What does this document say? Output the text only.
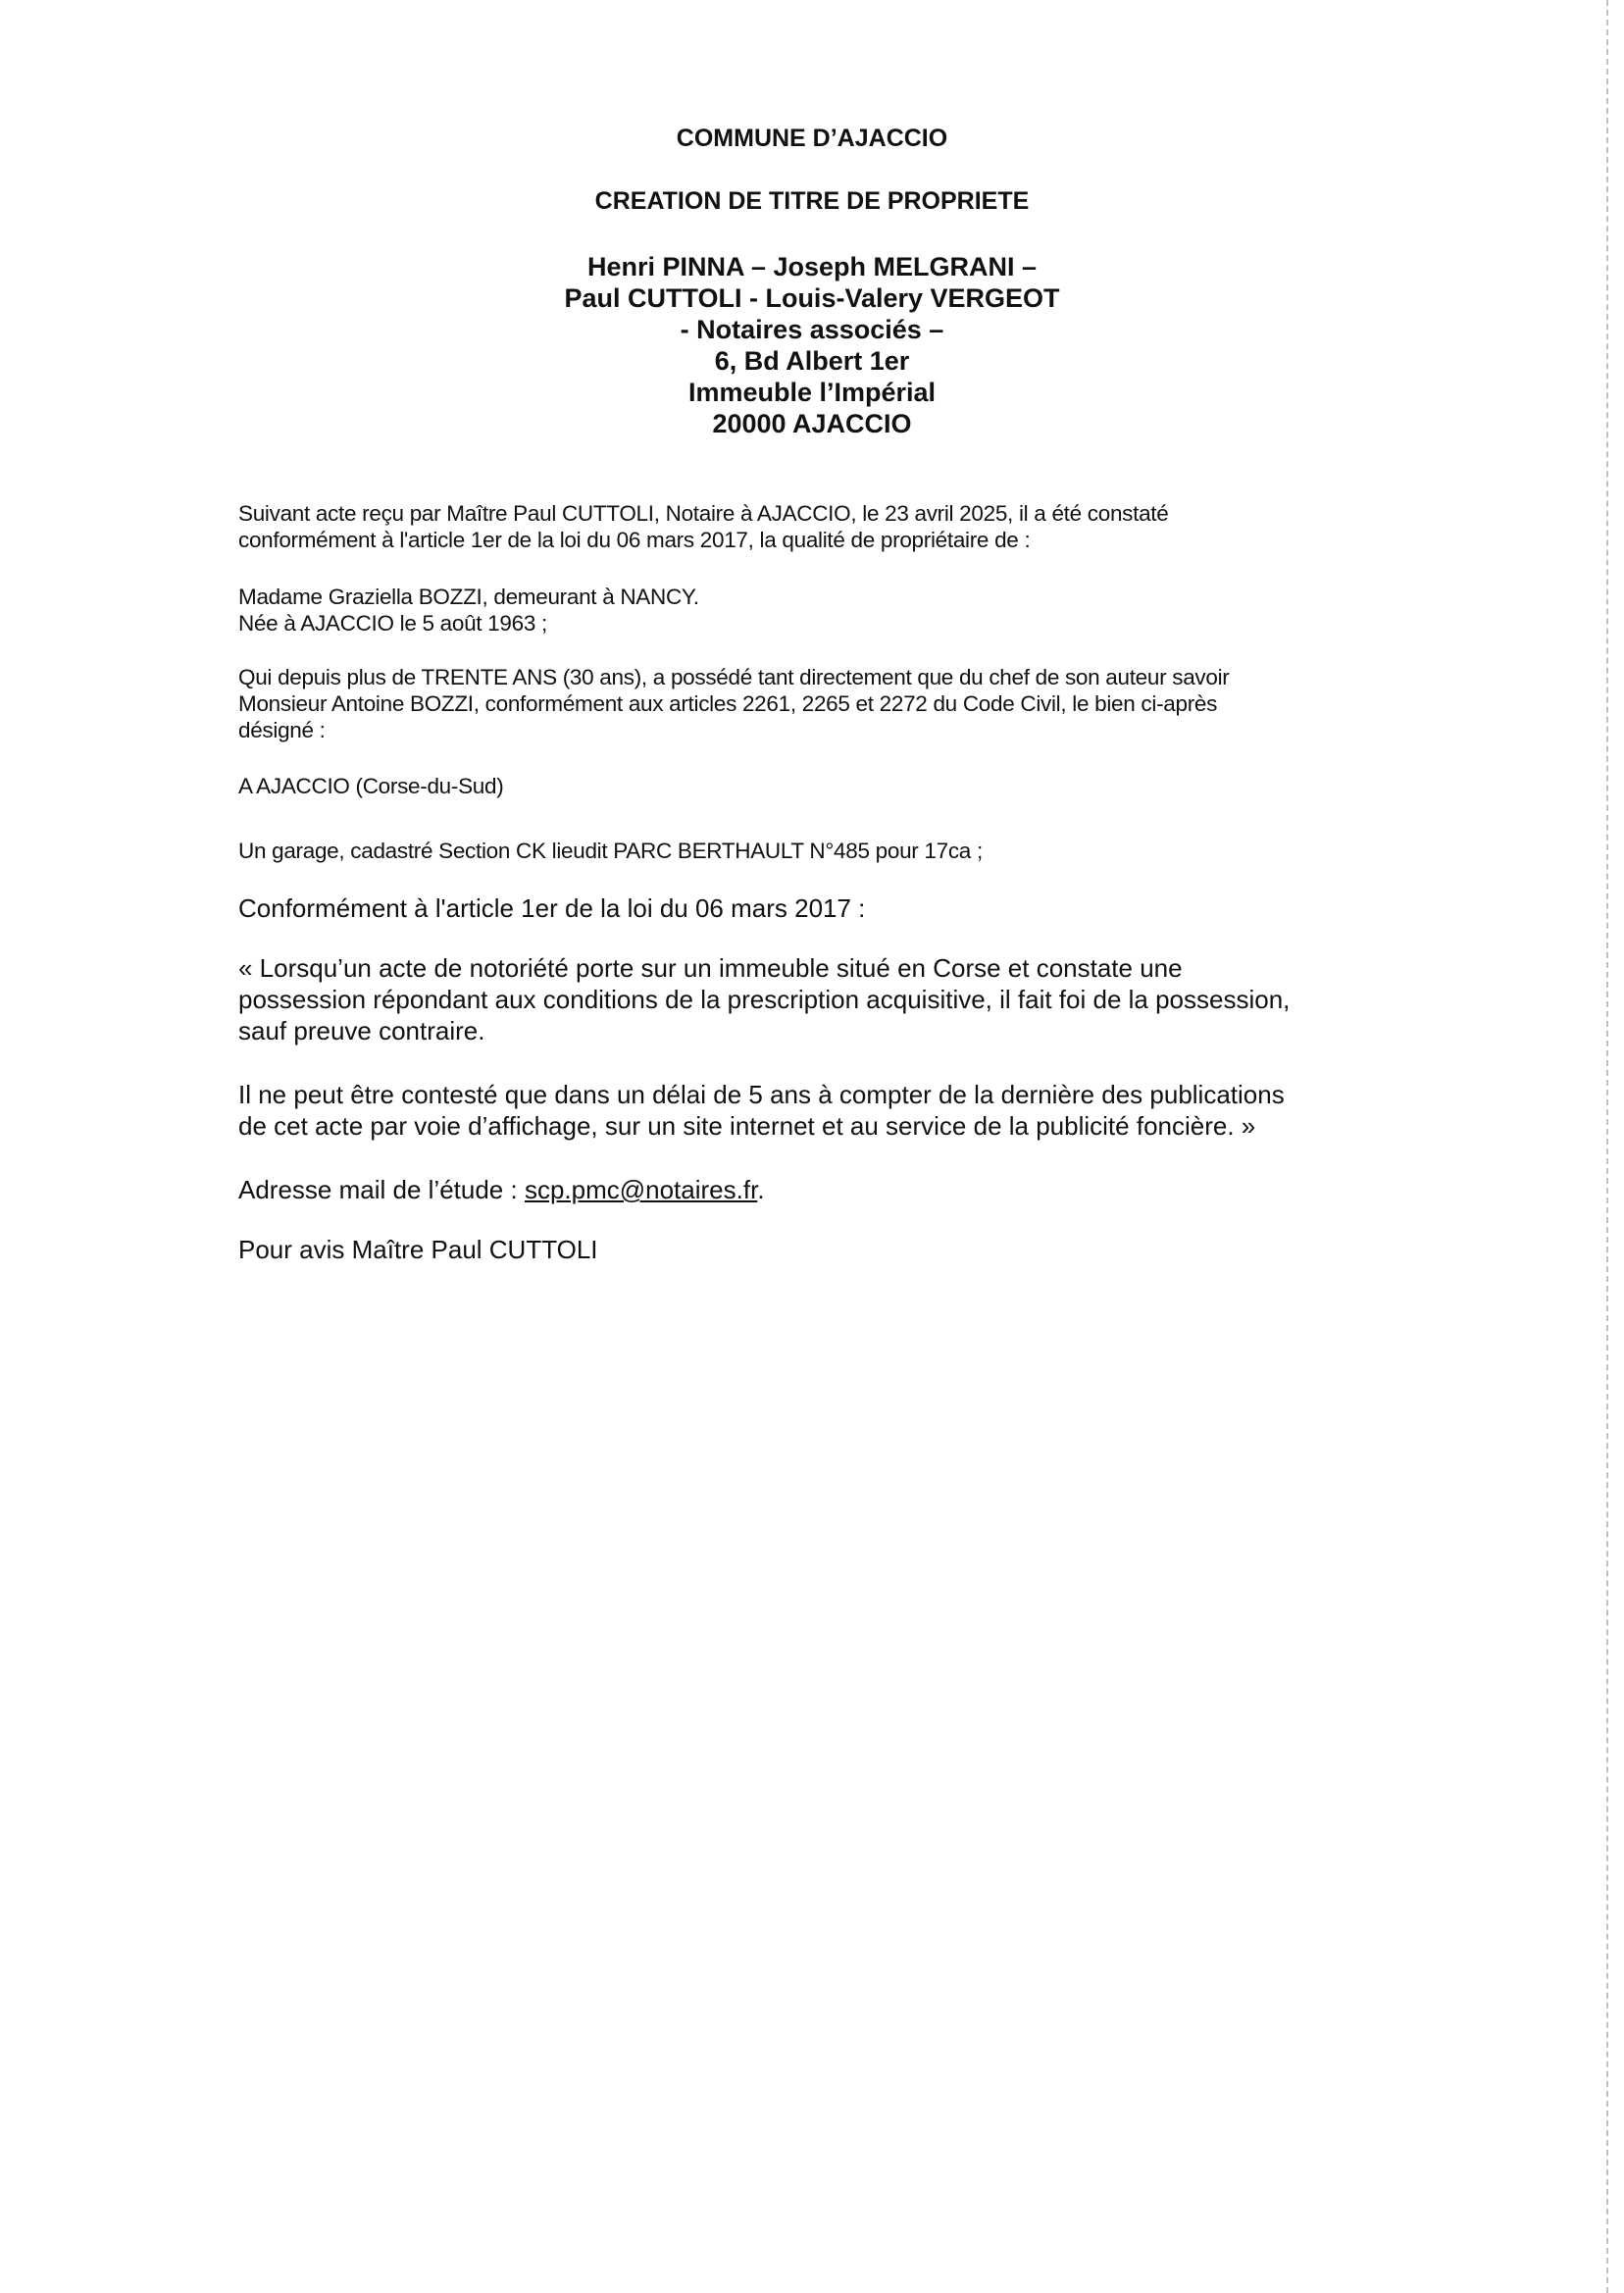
COMMUNE D’AJACCIO

CREATION DE TITRE DE PROPRIETE

Henri PINNA – Joseph MELGRANI –

Paul CUTTOLI - Louis-Valery VERGEOT

- Notaires associés –

6, Bd Albert 1er

Immeuble l’Impérial

20000 AJACCIO

Suivant acte reçu par Maître Paul CUTTOLI, Notaire à AJACCIO, le 23 avril 2025, il a été constaté

conformément à l'article 1er de la loi du 06 mars 2017, la qualité de propriétaire de :

Madame Graziella BOZZI, demeurant à NANCY.

Née à AJACCIO le 5 août 1963 ;

Qui depuis plus de TRENTE ANS (30 ans), a possédé tant directement que du chef de son auteur savoir

Monsieur Antoine BOZZI, conformément aux articles 2261, 2265 et 2272 du Code Civil, le bien ci-après

désigné :

A AJACCIO (Corse-du-Sud)

Un garage, cadastré Section CK lieudit PARC BERTHAULT N°485 pour 17ca ;

Conformément à l'article 1er de la loi du 06 mars 2017 :

« Lorsqu’un acte de notoriété porte sur un immeuble situé en Corse et constate une

possession répondant aux conditions de la prescription acquisitive, il fait foi de la possession,

sauf preuve contraire.

Il ne peut être contesté que dans un délai de 5 ans à compter de la dernière des publications

de cet acte par voie d’affichage, sur un site internet et au service de la publicité foncière. »

Adresse mail de l’étude : scp.pmc@notaires.fr.

Pour avis Maître Paul CUTTOLI
